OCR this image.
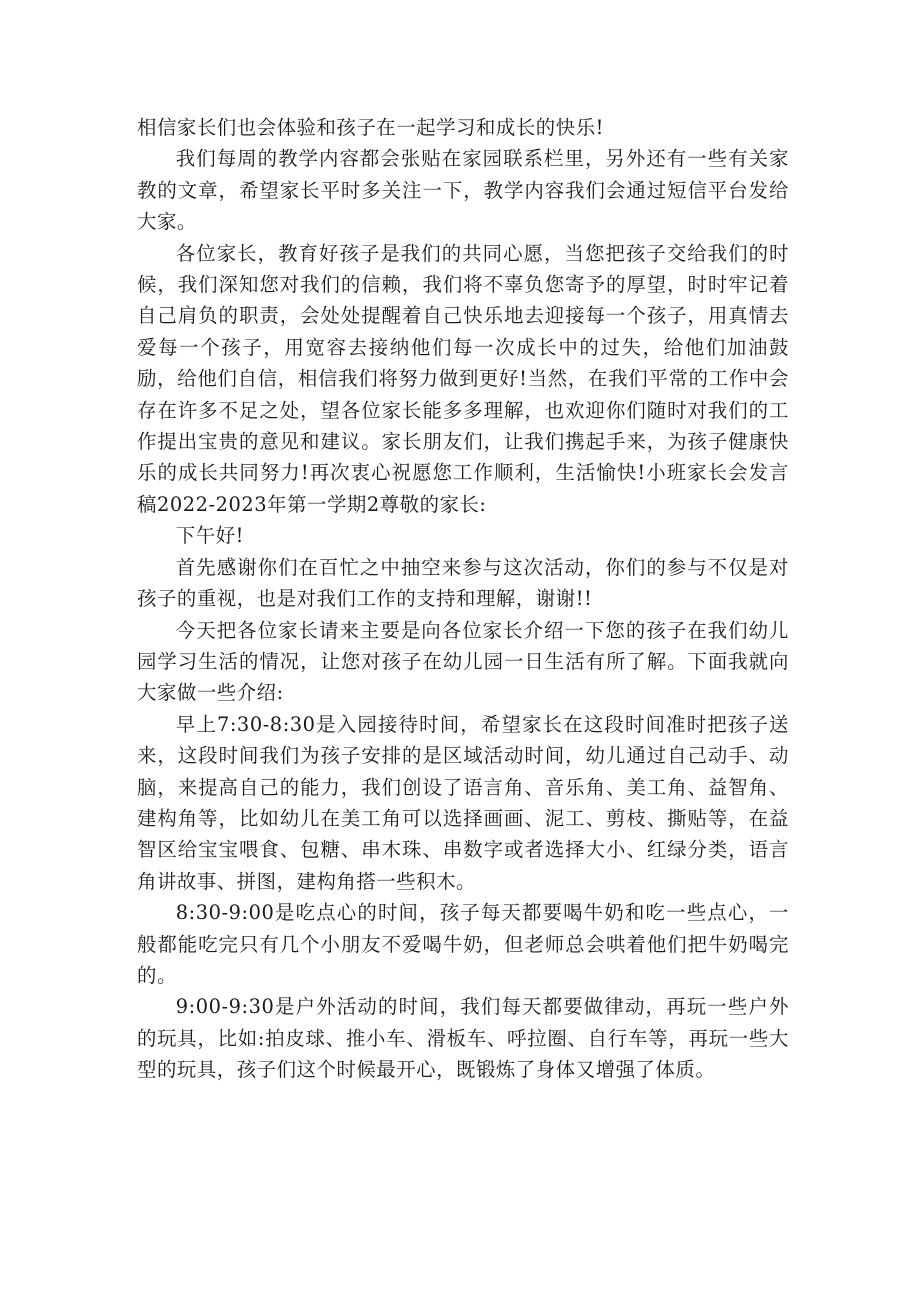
相信家长们也会体验和孩子在一起学习和成长的快乐!

我们每周的教学内容都会张贴在家园联系栏里，另外还有一些有关家教的文章，希望家长平时多关注一下，教学内容我们会通过短信平台发给大家。

各位家长，教育好孩子是我们的共同心愿，当您把孩子交给我们的时候，我们深知您对我们的信赖，我们将不辜负您寄予的厚望，时时牢记着自己肩负的职责，会处处提醒着自己快乐地去迎接每一个孩子，用真情去爱每一个孩子，用宽容去接纳他们每一次成长中的过失，给他们加油鼓励，给他们自信，相信我们将努力做到更好!当然，在我们平常的工作中会存在许多不足之处，望各位家长能多多理解，也欢迎你们随时对我们的工作提出宝贵的意见和建议。家长朋友们，让我们携起手来，为孩子健康快乐的成长共同努力!再次衷心祝愿您工作顺利，生活愉快!小班家长会发言稿2022-2023年第一学期2尊敬的家长:

下午好!

首先感谢你们在百忙之中抽空来参与这次活动，你们的参与不仅是对孩子的重视，也是对我们工作的支持和理解，谢谢!!

今天把各位家长请来主要是向各位家长介绍一下您的孩子在我们幼儿园学习生活的情况，让您对孩子在幼儿园一日生活有所了解。下面我就向大家做一些介绍:

早上7:30-8:30是入园接待时间，希望家长在这段时间准时把孩子送来，这段时间我们为孩子安排的是区域活动时间，幼儿通过自己动手、动脑，来提高自己的能力，我们创设了语言角、音乐角、美工角、益智角、建构角等，比如幼儿在美工角可以选择画画、泥工、剪枝、撕贴等，在益智区给宝宝喂食、包糖、串木珠、串数字或者选择大小、红绿分类，语言角讲故事、拼图，建构角搭一些积木。

8:30-9:00是吃点心的时间，孩子每天都要喝牛奶和吃一些点心，一般都能吃完只有几个小朋友不爱喝牛奶，但老师总会哄着他们把牛奶喝完的。

9:00-9:30是户外活动的时间，我们每天都要做律动，再玩一些户外的玩具，比如:拍皮球、推小车、滑板车、呼拉圈、自行车等，再玩一些大型的玩具，孩子们这个时候最开心，既锻炼了身体又增强了体质。
